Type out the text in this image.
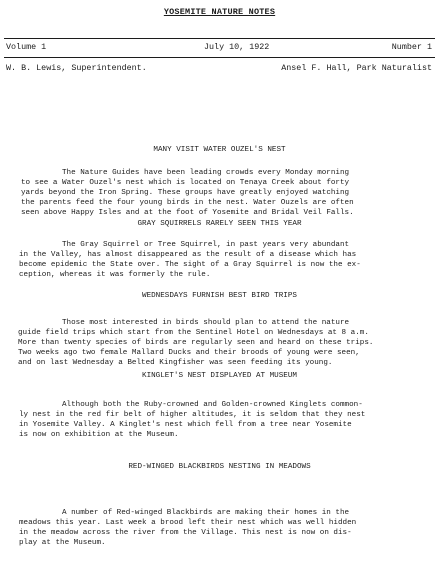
YOSEMITE NATURE NOTES
Volume 1	July 10, 1922	Number 1
W. B. Lewis, Superintendent.	Ansel F. Hall, Park Naturalist
MANY VISIT WATER OUZEL'S NEST
The Nature Guides have been leading crowds every Monday morning
to see a Water Ouzel's nest which is located on Tenaya Creek about forty
yards beyond the Iron Spring. These groups have greatly enjoyed watching
the parents feed the four young birds in the nest. Water Ouzels are often
seen above Happy Isles and at the foot of Yosemite and Bridal Veil Falls.
GRAY SQUIRRELS RARELY SEEN THIS YEAR
The Gray Squirrel or Tree Squirrel, in past years very abundant
in the Valley, has almost disappeared as the result of a disease which has
become epidemic the State over. The sight of a Gray Squirrel is now the ex-
ception, whereas it was formerly the rule.
WEDNESDAYS FURNISH BEST BIRD TRIPS
Those most interested in birds should plan to attend the nature
guide field trips which start from the Sentinel Hotel on Wednesdays at 8 a.m.
More than twenty species of birds are regularly seen and heard on these trips.
Two weeks ago two female Mallard Ducks and their broods of young were seen,
and on last Wednesday a Belted Kingfisher was seen feeding its young.
KINGLET'S NEST DISPLAYED AT MUSEUM
Although both the Ruby-crowned and Golden-crowned Kinglets common-
ly nest in the red fir belt of higher altitudes, it is seldom that they nest
in Yosemite Valley. A Kinglet's nest which fell from a tree near Yosemite
is now on exhibition at the Museum.
RED-WINGED BLACKBIRDS NESTING IN MEADOWS
A number of Red-winged Blackbirds are making their homes in the
meadows this year. Last week a brood left their nest which was well hidden
in the meadow across the river from the Village. This nest is now on dis-
play at the Museum.
